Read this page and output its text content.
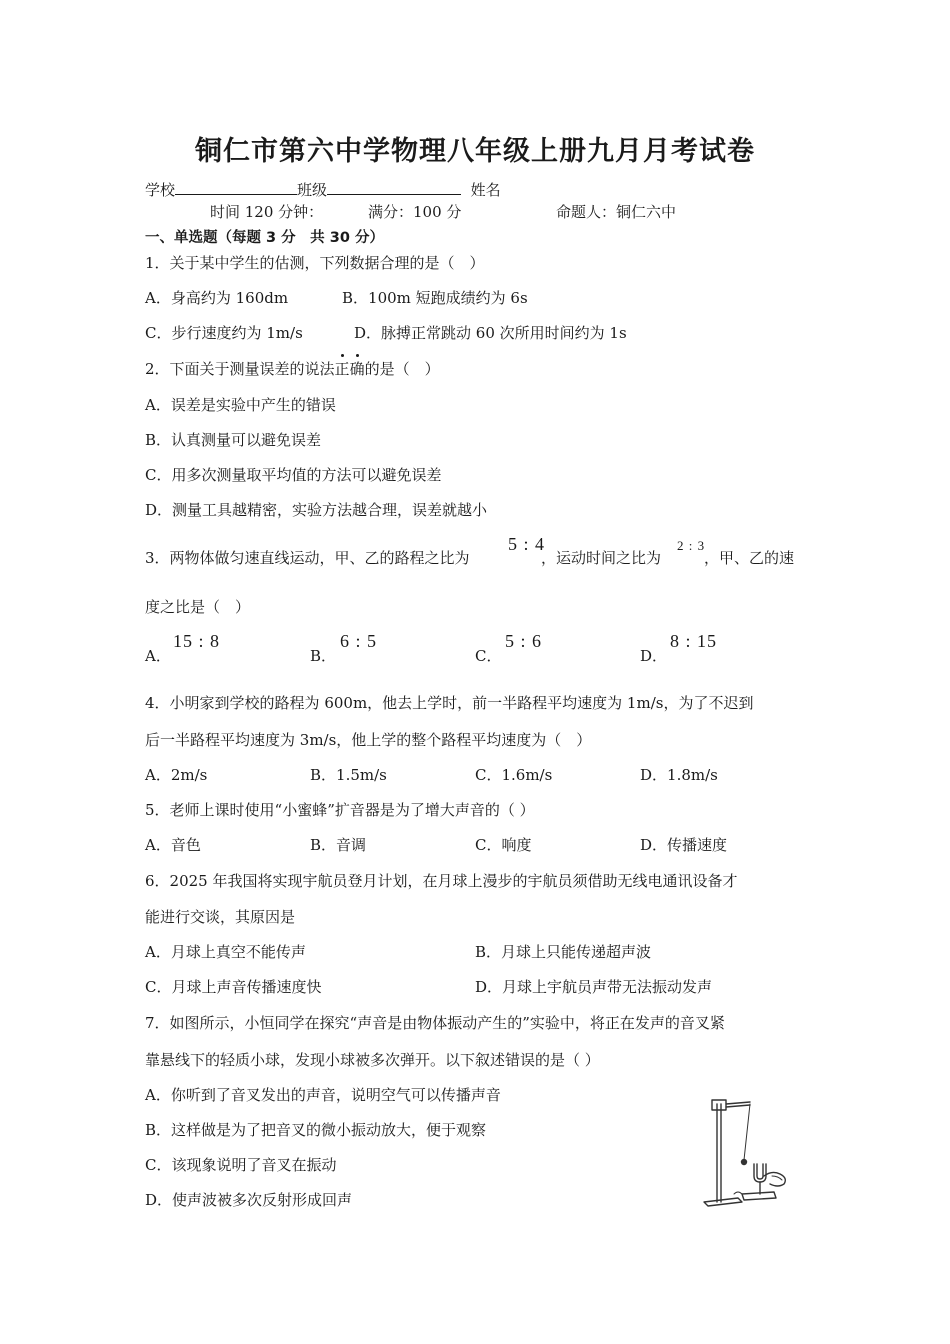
铜仁市第六中学物理八年级上册九月月考试卷
学校	班级	姓名
时间 120 分钟：	满分：100 分	命题人：铜仁六中
一、单选题（每题 3 分　共 30 分）
1．关于某中学生的估测，下列数据合理的是（　）
A．身高约为 160dm	B．100m 短跑成绩约为 6s
C．步行速度约为 1m/s	D．脉搏正常跳动 60 次所用时间约为 1s
2．下面关于测量误差的说法正确的是（　）
A．误差是实验中产生的错误
B．认真测量可以避免误差
C．用多次测量取平均值的方法可以避免误差
D．测量工具越精密，实验方法越合理，误差就越小
3．两物体做匀速直线运动，甲、乙的路程之比为
5 : 4
，运动时间之比为
2 : 3
，甲、乙的速
度之比是（　）
A．
15 : 8
B．
6 : 5
C．
5 : 6
D．
8 : 15
4．小明家到学校的路程为 600m，他去上学时，前一半路程平均速度为 1m/s，为了不迟到
后一半路程平均速度为 3m/s，他上学的整个路程平均速度为（　）
A．2m/s	B．1.5m/s	C．1.6m/s	D．1.8m/s
5．老师上课时使用“小蜜蜂”扩音器是为了增大声音的（ ）
A．音色	B．音调	C．响度	D．传播速度
6．2025 年我国将实现宇航员登月计划，在月球上漫步的宇航员须借助无线电通讯设备才
能进行交谈，其原因是
A．月球上真空不能传声	B．月球上只能传递超声波
C．月球上声音传播速度快	D．月球上宇航员声带无法振动发声
7．如图所示，小恒同学在探究“声音是由物体振动产生的”实验中，将正在发声的音叉紧
靠悬线下的轻质小球，发现小球被多次弹开。以下叙述错误的是（ ）
A．你听到了音叉发出的声音，说明空气可以传播声音
B．这样做是为了把音叉的微小振动放大，便于观察
C．该现象说明了音叉在振动
D．使声波被多次反射形成回声
